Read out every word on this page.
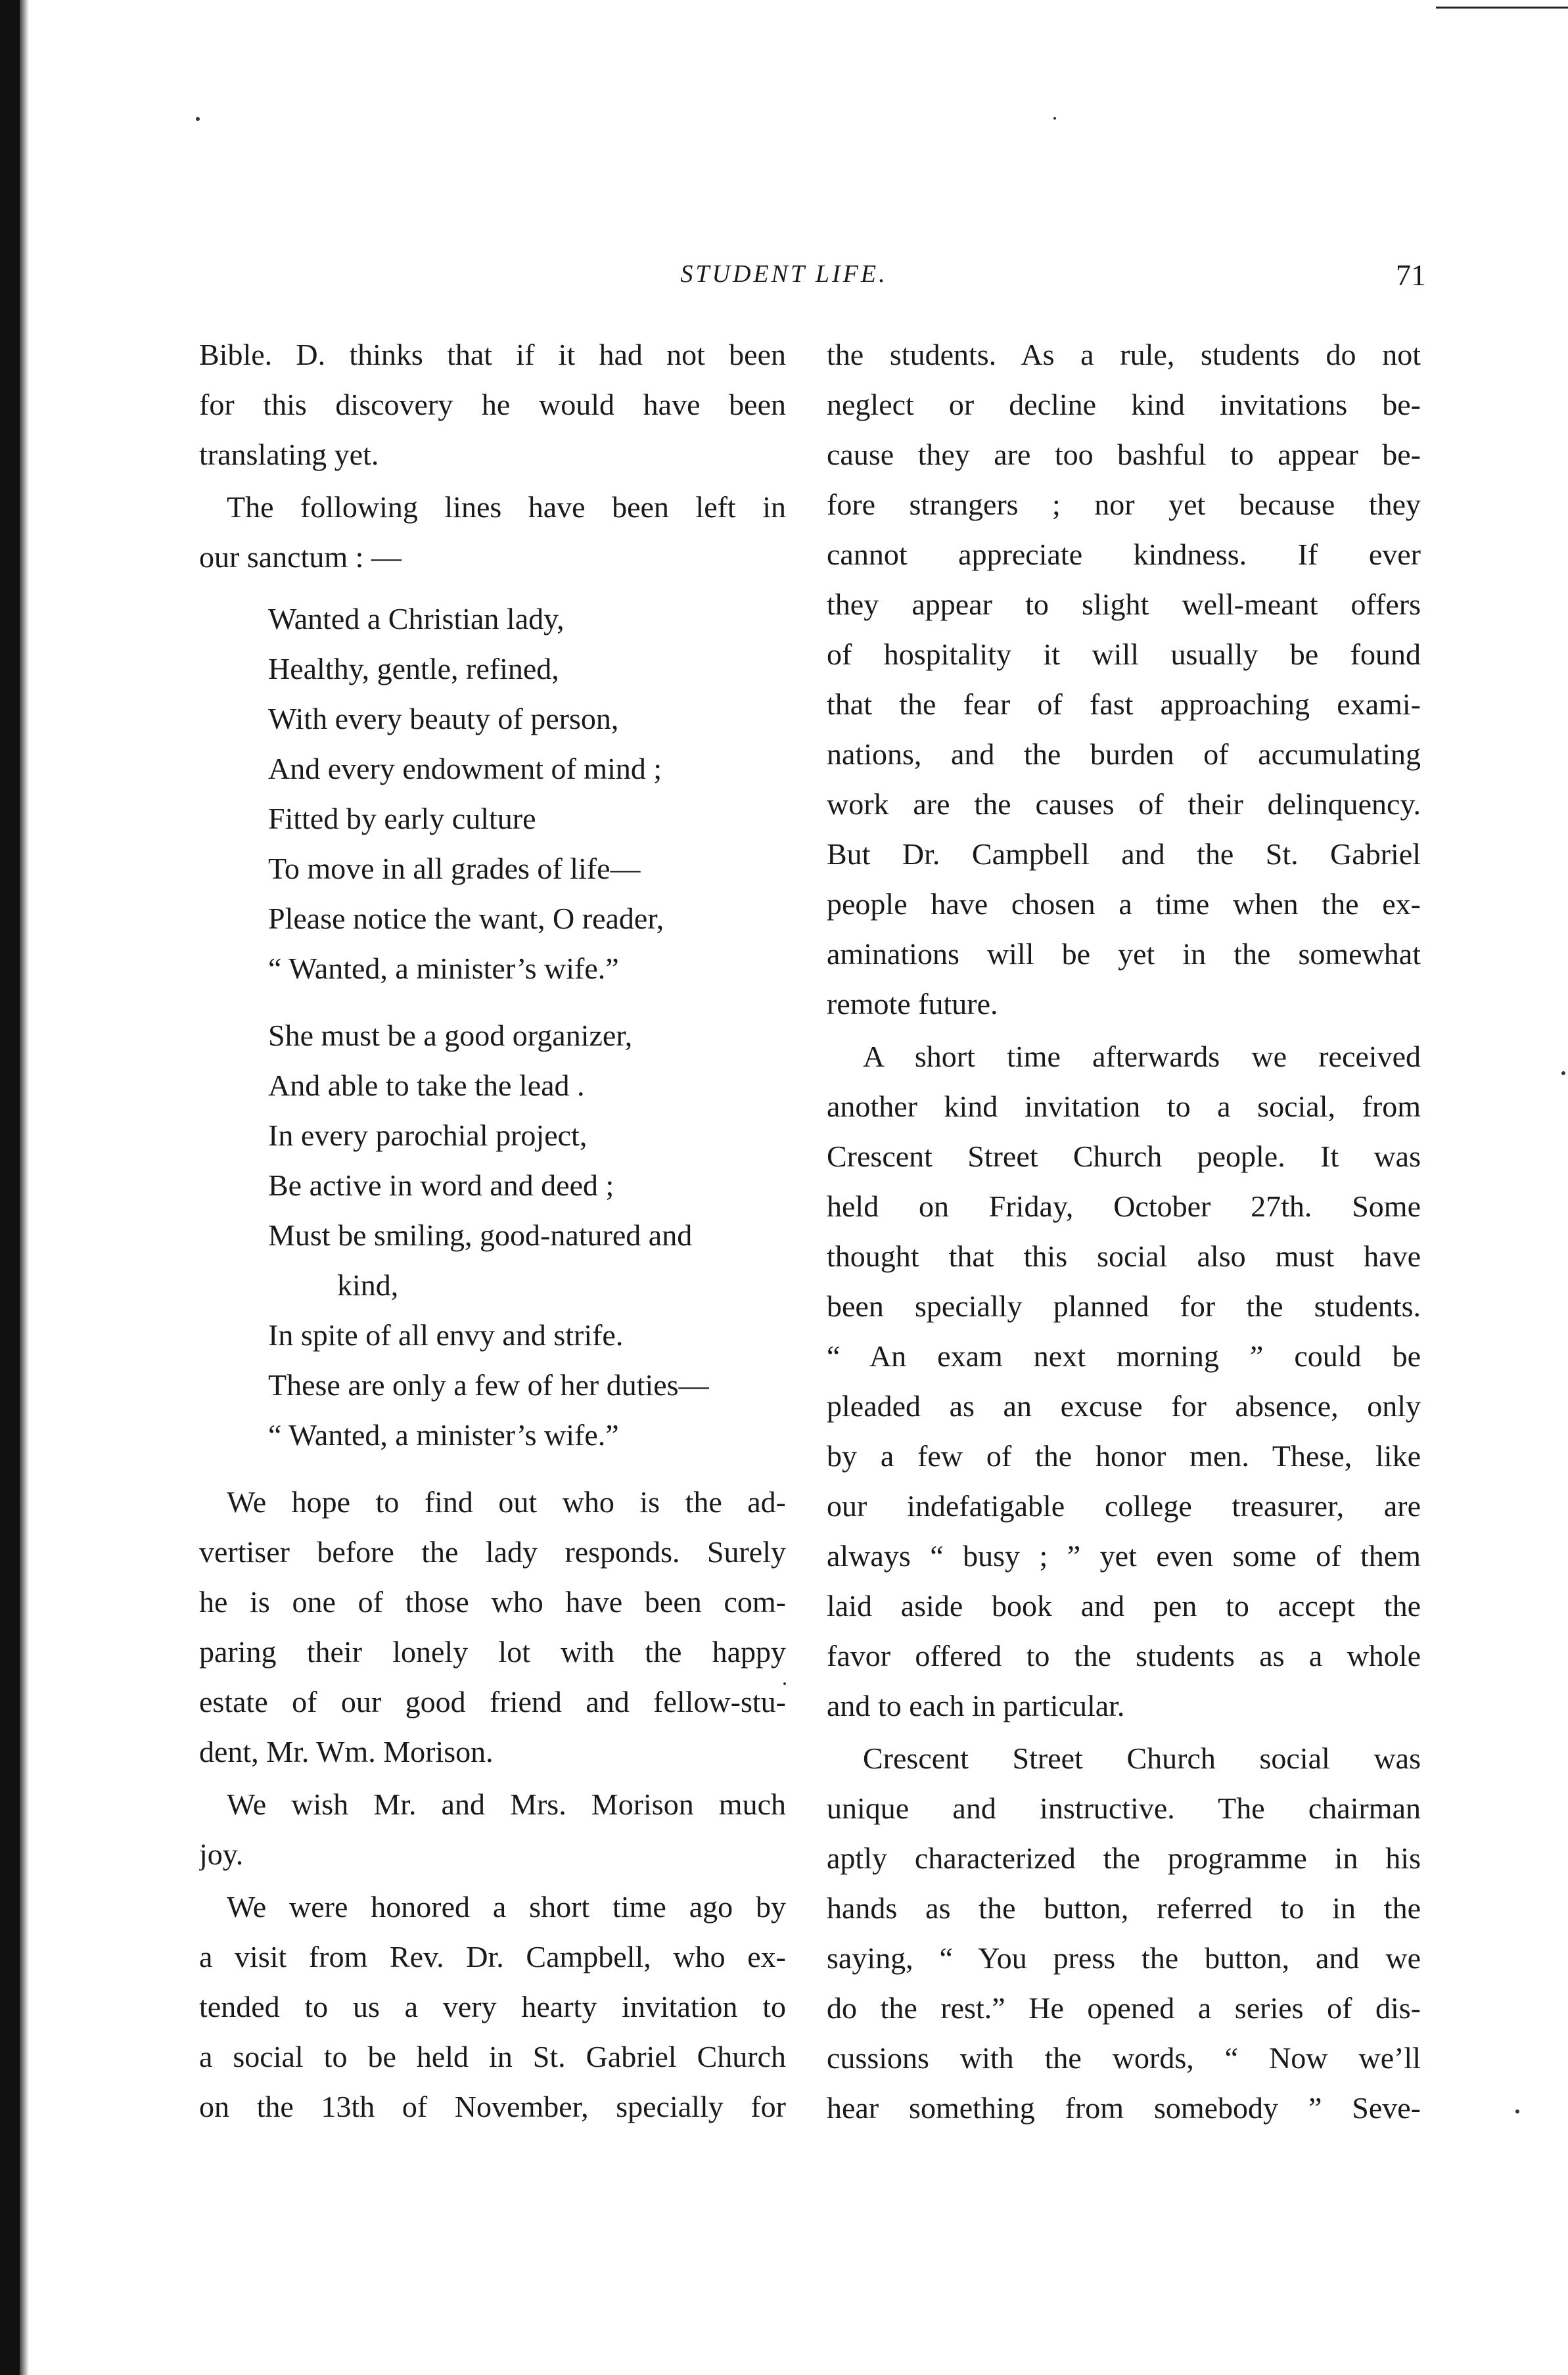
STUDENT LIFE.	71
Bible. D. thinks that if it had not been
for this discovery he would have been
translating yet.
The following lines have been left in
our sanctum : —
Wanted a Christian lady,
Healthy, gentle, refined,
With every beauty of person,
And every endowment of mind ;
Fitted by early culture
To move in all grades of life—
Please notice the want, O reader,
“ Wanted, a minister’s wife.”
She must be a good organizer,
And able to take the lead .
In every parochial project,
Be active in word and deed ;
Must be smiling, good-natured and
kind,
In spite of all envy and strife.
These are only a few of her duties—
“ Wanted, a minister’s wife.”
We hope to find out who is the ad-
vertiser before the lady responds. Surely
he is one of those who have been com-
paring their lonely lot with the happy
estate of our good friend and fellow-stu-
dent, Mr. Wm. Morison.
We wish Mr. and Mrs. Morison much
joy.
We were honored a short time ago by
a visit from Rev. Dr. Campbell, who ex-
tended to us a very hearty invitation to
a social to be held in St. Gabriel Church
on the 13th of November, specially for
the students. As a rule, students do not
neglect or decline kind invitations be-
cause they are too bashful to appear be-
fore strangers ; nor yet because they
cannot appreciate kindness. If ever
they appear to slight well-meant offers
of hospitality it will usually be found
that the fear of fast approaching exami-
nations, and the burden of accumulating
work are the causes of their delinquency.
But Dr. Campbell and the St. Gabriel
people have chosen a time when the ex-
aminations will be yet in the somewhat
remote future.
A short time afterwards we received
another kind invitation to a social, from
Crescent Street Church people. It was
held on Friday, October 27th. Some
thought that this social also must have
been specially planned for the students.
“ An exam next morning ” could be
pleaded as an excuse for absence, only
by a few of the honor men. These, like
our indefatigable college treasurer, are
always “ busy ; ” yet even some of them
laid aside book and pen to accept the
favor offered to the students as a whole
and to each in particular.
Crescent Street Church social was
unique and instructive. The chairman
aptly characterized the programme in his
hands as the button, referred to in the
saying, “ You press the button, and we
do the rest.” He opened a series of dis-
cussions with the words, “ Now we’ll
hear something from somebody ” Seve-
